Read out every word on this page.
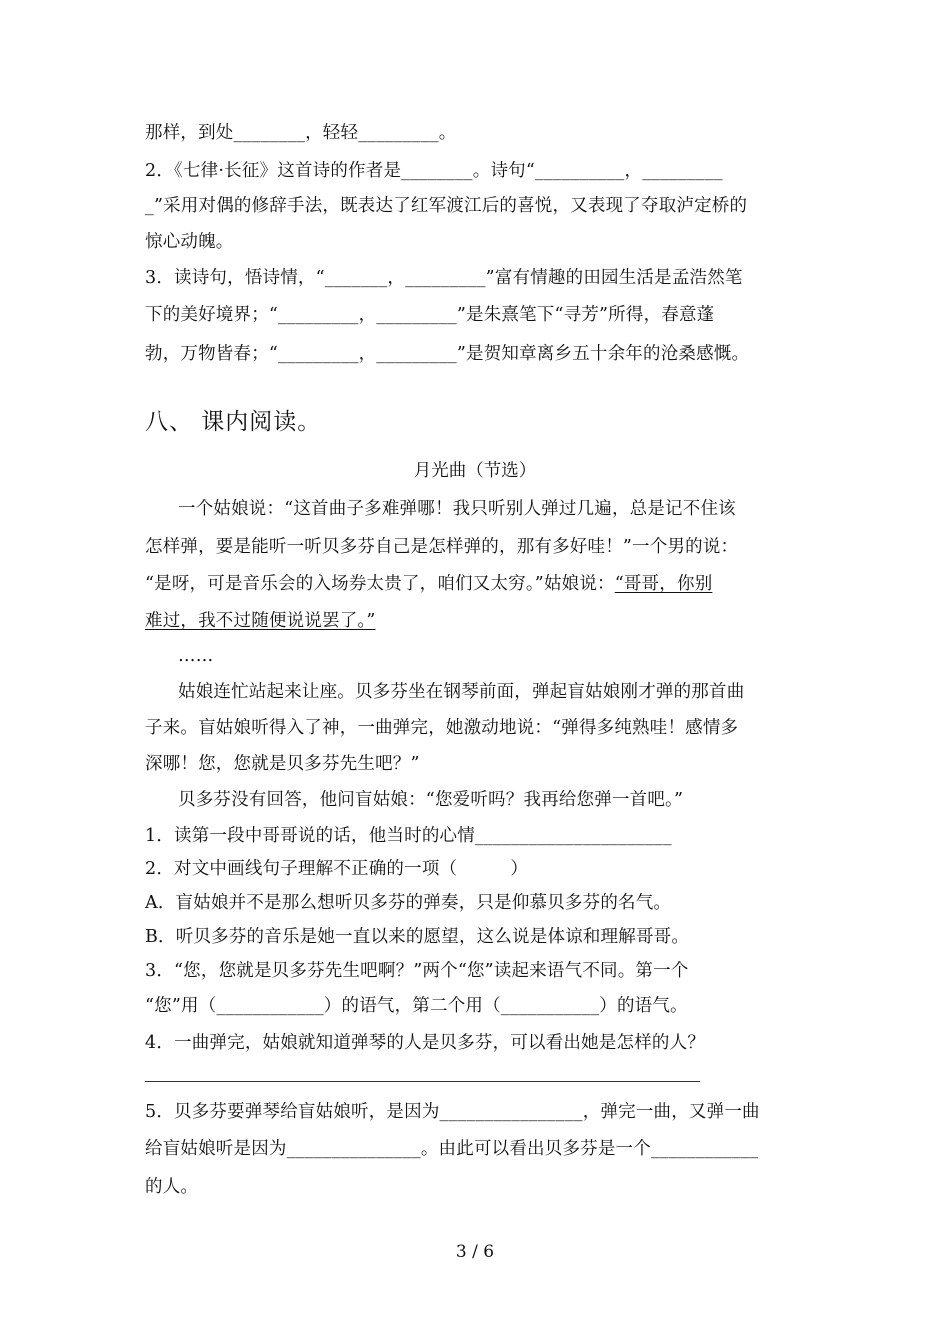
那样，到处________，轻轻_________。
2．《七律·长征》这首诗的作者是________。诗句“__________，_________
_”采用对偶的修辞手法，既表达了红军渡江后的喜悦，又表现了夺取泸定桥的
惊心动魄。
3．读诗句，悟诗情，“_______，_________”富有情趣的田园生活是孟浩然笔
下的美好境界；“_________，_________”是朱熹笔下“寻芳”所得，春意蓬
勃，万物皆春；“_________，_________”是贺知章离乡五十余年的沧桑感慨。
八、 课内阅读。
月光曲（节选）
一个姑娘说：“这首曲子多难弹哪！我只听别人弹过几遍，总是记不住该
怎样弹，要是能听一听贝多芬自己是怎样弹的，那有多好哇！”一个男的说：
“是呀，可是音乐会的入场券太贵了，咱们又太穷。”姑娘说：“哥哥，你别
难过，我不过随便说说罢了。”
……
姑娘连忙站起来让座。贝多芬坐在钢琴前面，弹起盲姑娘刚才弹的那首曲
子来。盲姑娘听得入了神，一曲弹完，她激动地说：“弹得多纯熟哇！感情多
深哪！您，您就是贝多芬先生吧？”
贝多芬没有回答，他问盲姑娘：“您爱听吗？我再给您弹一首吧。”
1．读第一段中哥哥说的话，他当时的心情______________________
2．对文中画线句子理解不正确的一项（　　　）
A．盲姑娘并不是那么想听贝多芬的弹奏，只是仰慕贝多芬的名气。
B．听贝多芬的音乐是她一直以来的愿望，这么说是体谅和理解哥哥。
3．“您，您就是贝多芬先生吧啊？”两个“您”读起来语气不同。第一个
“您”用（____________）的语气，第二个用（___________）的语气。
4．一曲弹完，姑娘就知道弹琴的人是贝多芬，可以看出她是怎样的人？
5．贝多芬要弹琴给盲姑娘听，是因为________________，弹完一曲，又弹一曲
给盲姑娘听是因为_______________。由此可以看出贝多芬是一个____________
的人。
3 / 6
